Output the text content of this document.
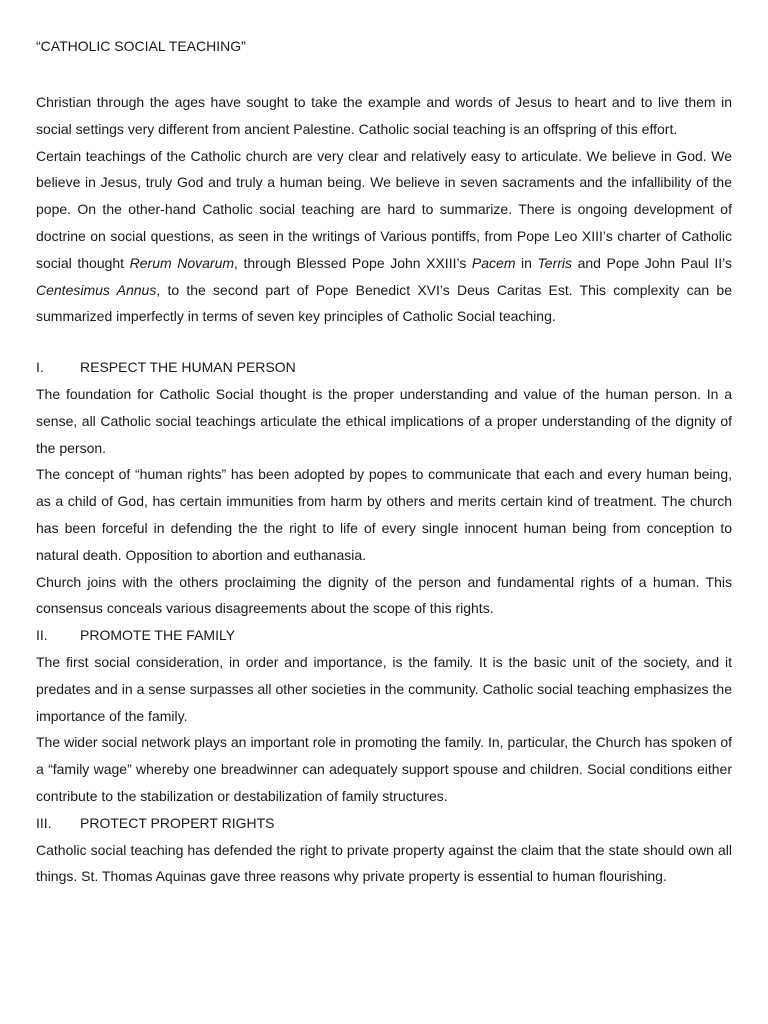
“CATHOLIC SOCIAL TEACHING”

Christian through the ages have sought to take the example and words of Jesus to heart and to live them in social settings very different from ancient Palestine. Catholic social teaching is an offspring of this effort.

Certain teachings of the Catholic church are very clear and relatively easy to articulate. We believe in God. We believe in Jesus, truly God and truly a human being. We believe in seven sacraments and the infallibility of the pope. On the other-hand Catholic social teaching are hard to summarize. There is ongoing development of doctrine on social questions, as seen in the writings of Various pontiffs, from Pope Leo XIII’s charter of Catholic social thought Rerum Novarum, through Blessed Pope John XXIII’s Pacem in Terris and Pope John Paul II’s Centesimus Annus, to the second part of Pope Benedict XVI’s Deus Caritas Est. This complexity can be summarized imperfectly in terms of seven key principles of Catholic Social teaching.

I.	RESPECT THE HUMAN PERSON

The foundation for Catholic Social thought is the proper understanding and value of the human person. In a sense, all Catholic social teachings articulate the ethical implications of a proper understanding of the dignity of the person.

The concept of “human rights” has been adopted by popes to communicate that each and every human being, as a child of God, has certain immunities from harm by others and merits certain kind of treatment. The church has been forceful in defending the the right to life of every single innocent human being from conception to natural death. Opposition to abortion and euthanasia.

Church joins with the others proclaiming the dignity of the person and fundamental rights of a human. This consensus conceals various disagreements about the scope of this rights.

II.	PROMOTE THE FAMILY

The first social consideration, in order and importance, is the family. It is the basic unit of the society, and it predates and in a sense surpasses all other societies in the community. Catholic social teaching emphasizes the importance of the family.

The wider social network plays an important role in promoting the family. In, particular, the Church has spoken of a “family wage” whereby one breadwinner can adequately support spouse and children. Social conditions either contribute to the stabilization or destabilization of family structures.

III.	PROTECT PROPERT RIGHTS

Catholic social teaching has defended the right to private property against the claim that the state should own all things. St. Thomas Aquinas gave three reasons why private property is essential to human flourishing.
